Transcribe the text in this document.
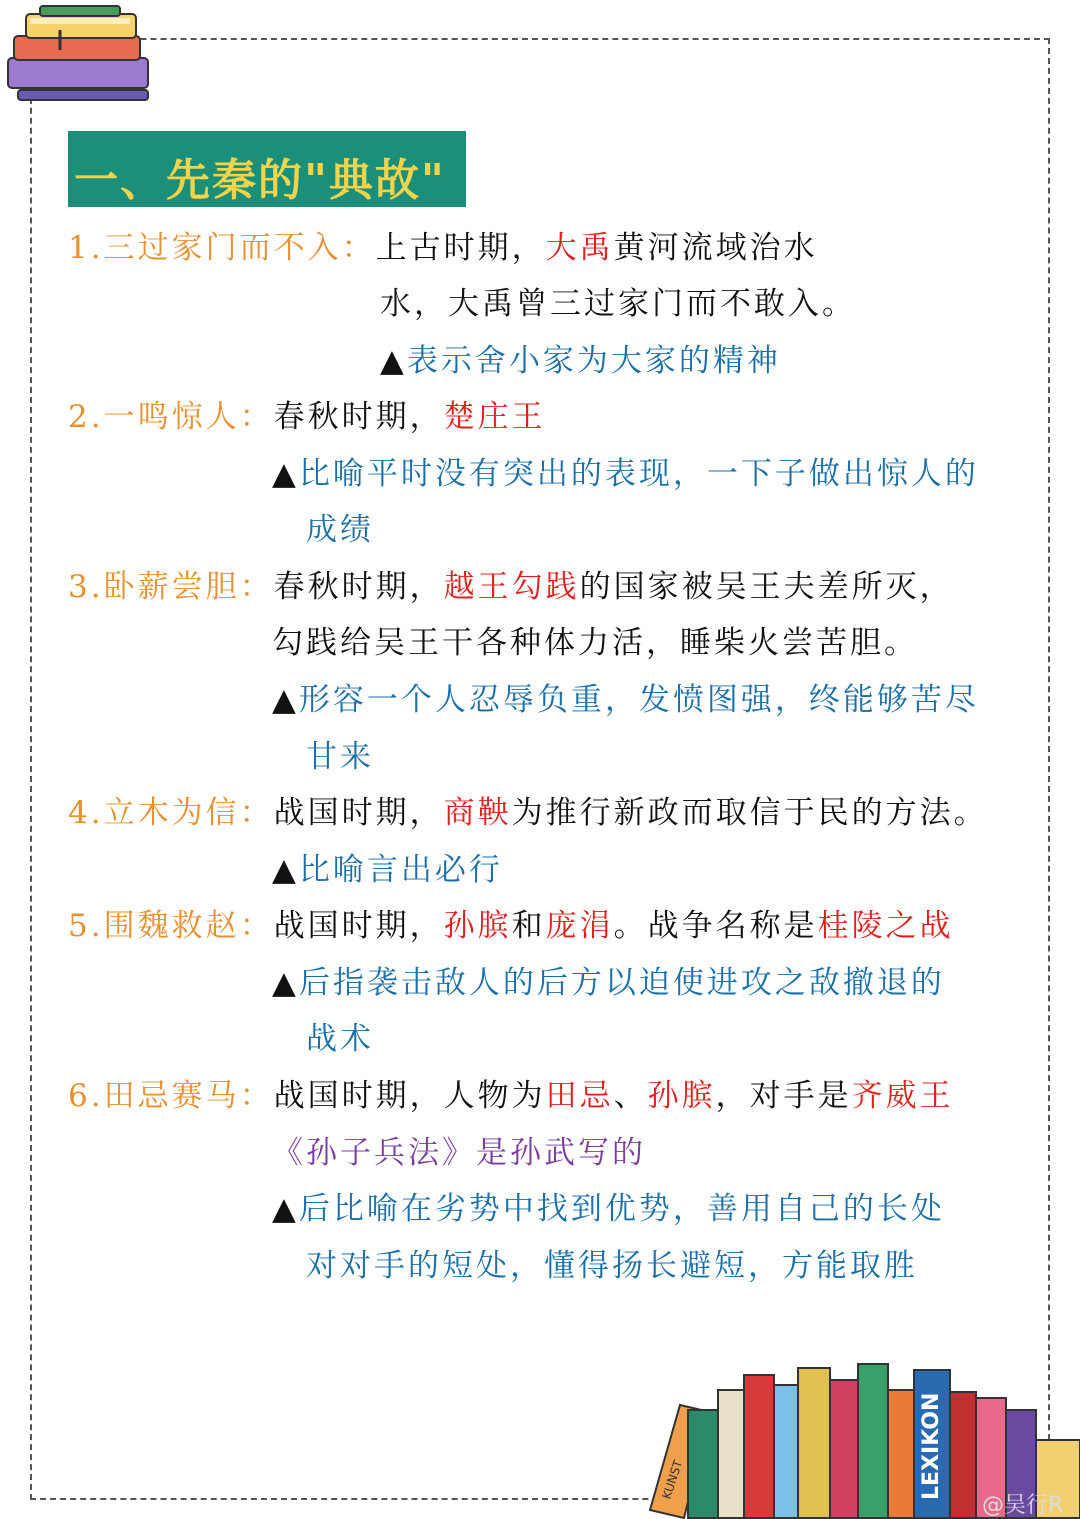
一、先秦的"典故"
1.三过家门而不入：上古时期，大禹黄河流域治水
水，大禹曾三过家门而不敢入。
▲表示舍小家为大家的精神
2.一鸣惊人：春秋时期，楚庄王
▲比喻平时没有突出的表现，一下子做出惊人的
成绩
3.卧薪尝胆：春秋时期，越王勾践的国家被吴王夫差所灭，
勾践给吴王干各种体力活，睡柴火尝苦胆。
▲形容一个人忍辱负重，发愤图强，终能够苦尽
甘来
4.立木为信：战国时期，商鞅为推行新政而取信于民的方法。
▲比喻言出必行
5.围魏救赵：战国时期，孙膑和庞涓。战争名称是桂陵之战
▲后指袭击敌人的后方以迫使进攻之敌撤退的
战术
6.田忌赛马：战国时期，人物为田忌、孙膑，对手是齐威王
《孙子兵法》是孙武写的
▲后比喻在劣势中找到优势，善用自己的长处
对对手的短处，懂得扬长避短，方能取胜
LEXIKON
KUNST
@吴行R
